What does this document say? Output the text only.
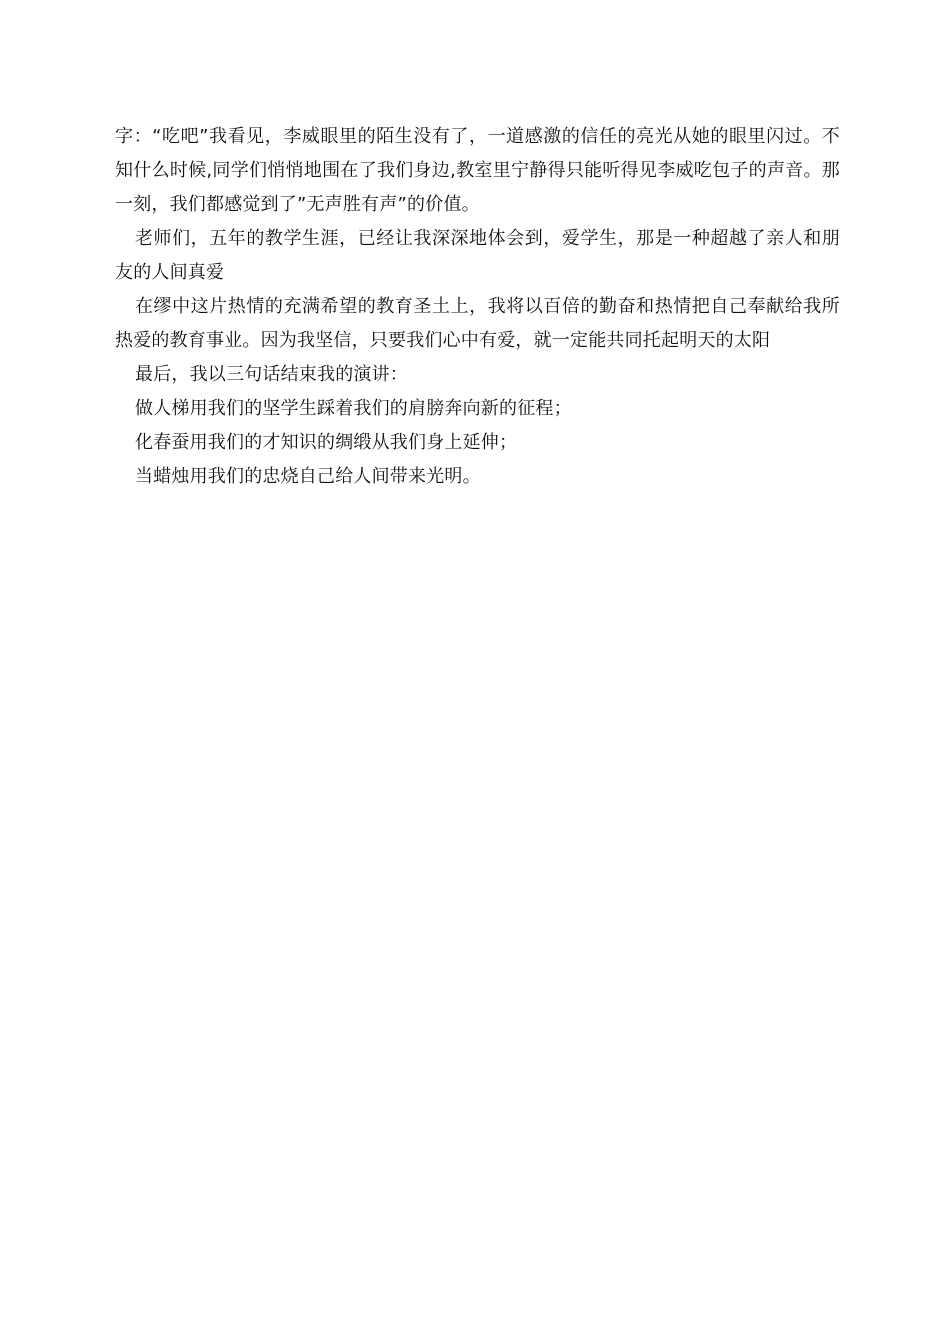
字：“吃吧”我看见，李威眼里的陌生没有了，一道感激的信任的亮光从她的眼里闪过。不知什么时候,同学们悄悄地围在了我们身边,教室里宁静得只能听得见李威吃包子的声音。那一刻，我们都感觉到了”无声胜有声”的价值。

老师们，五年的教学生涯，已经让我深深地体会到，爱学生，那是一种超越了亲人和朋友的人间真爱

在缪中这片热情的充满希望的教育圣土上，我将以百倍的勤奋和热情把自己奉献给我所热爱的教育事业。因为我坚信，只要我们心中有爱，就一定能共同托起明天的太阳

最后，我以三句话结束我的演讲：

做人梯用我们的坚学生踩着我们的肩膀奔向新的征程；

化春蚕用我们的才知识的绸缎从我们身上延伸；

当蜡烛用我们的忠烧自己给人间带来光明。
